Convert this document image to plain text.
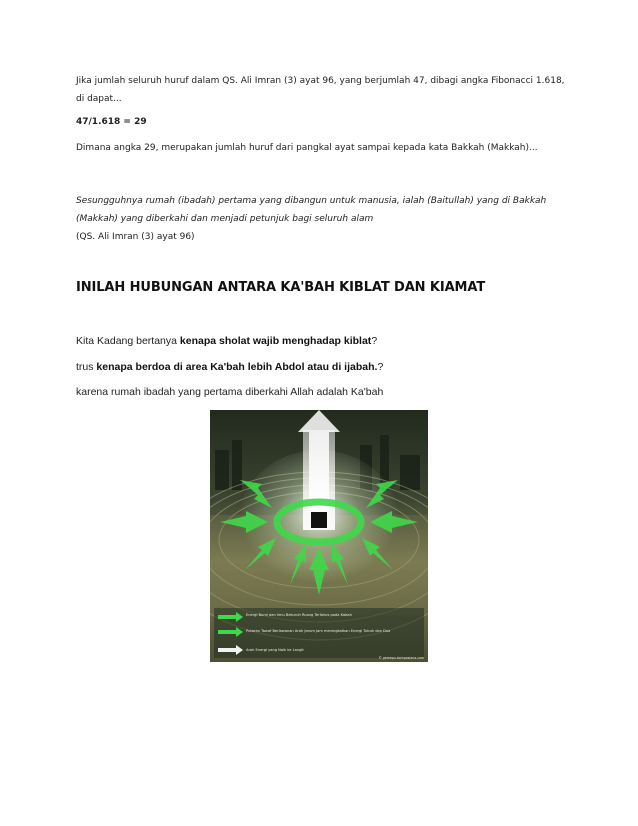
Jika jumlah seluruh huruf dalam QS. Ali Imran (3) ayat 96, yang berjumlah 47, dibagi angka Fibonacci 1.618, di dapat...

47/1.618 = 29

Dimana angka 29, merupakan jumlah huruf dari pangkal ayat sampai kepada kata Bakkah (Makkah)...

Sesungguhnya rumah (ibadah) pertama yang dibangun untuk manusia, ialah (Baitullah) yang di Bakkah (Makkah) yang diberkahi dan menjadi petunjuk bagi seluruh alam

(QS. Ali Imran (3) ayat 96)

INILAH HUBUNGAN ANTARA KA'BAH KIBLAT DAN KIAMAT

Kita Kadang bertanya kenapa sholat wajib menghadap kiblat?

trus kenapa berdoa di area Ka'bah lebih Abdol atau di ijabah.?

karena rumah ibadah yang pertama diberkahi Allah adalah Ka'bah

Energi Bumi dan Ilmu Bekuruh Ruang Terfokus pada Kabah
Putaran Tawaf Berlawanan Arah Jarum Jam meningkatkan Energi Tubuh dan Doa
Arah Energi yang Naik ke Langit
© gamepu.kompasiana.com
